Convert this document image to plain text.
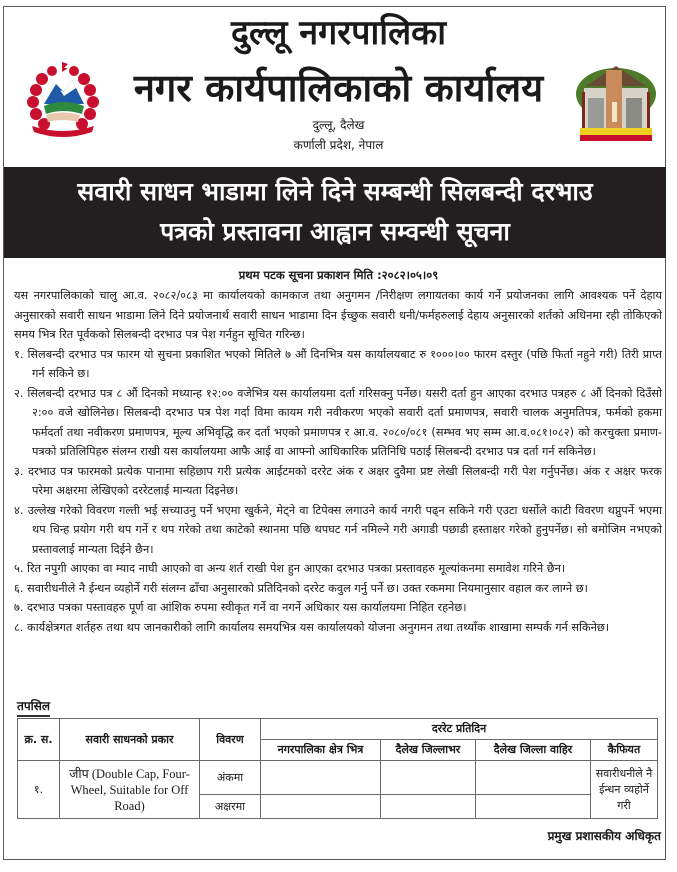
दुल्लू नगरपालिका
नगर कार्यपालिकाको कार्यालय
दुल्लू, दैलेख
कर्णाली प्रदेश, नेपाल
सवारी साधन भाडामा लिने दिने सम्बन्धी सिलबन्दी दरभाउ
पत्रको प्रस्तावना आह्वान सम्वन्धी सूचना
प्रथम पटक सूचना प्रकाशन मिति :२०८२।०५।०९

यस नगरपालिकाको चालु आ.व. २०८२/०८३ मा कार्यालयको कामकाज तथा अनुगमन /निरीक्षण लगायतका कार्य गर्ने प्रयोजनका लागि आवश्यक पर्ने देहाय अनुसारको सवारी साधन भाडामा लिने दिने प्रयोजनार्थ सवारी साधन भाडामा दिन ईच्छुक सवारी धनी/फर्महरुलाई देहाय अनुसारको शर्तको अधिनमा रही तोकिएको समय भित्र रित पूर्वकको सिलबन्दी दरभाउ पत्र पेश गर्नहुन सूचित गरिन्छ।

१. सिलबन्दी दरभाउ पत्र फारम यो सुचना प्रकाशित भएको मितिले ७ औं दिनभित्र यस कार्यालयबाट रु १०००।०० फारम दस्तुर (पछि फिर्ता नहुने गरी) तिरी प्राप्त गर्न सकिने छ।

२. सिलबन्दी दरभाउ पत्र ८ औं दिनको मध्यान्ह १२:०० वजेभित्र यस कार्यालयमा दर्ता गरिसक्नु पर्नेछ। यसरी दर्ता हुन आएका दरभाउ पत्रहरु ८ औं दिनको दिउँसो २:०० वजे खोलिनेछ। सिलबन्दी दरभाउ पत्र पेश गर्दा विमा कायम गरी नवीकरण भएको सवारी दर्ता प्रमाणपत्र, सवारी चालक अनुमतिपत्र, फर्मको हकमा फर्मदर्ता तथा नवीकरण प्रमाणपत्र, मूल्य अभिवृद्धि कर दर्ता भएको प्रमाणपत्र र आ.व. २०८०/०८१ (सम्भव भए सम्म आ.व.०८१।०८२) को करचुक्ता प्रमाण-पत्रको प्रतिलिपिहरु संलग्न राखी यस कार्यालयमा आफै आई वा आफ्नो आधिकारिक प्रतिनिधि पठाई सिलबन्दी दरभाउ पत्र दर्ता गर्न सकिनेछ।

३. दरभाउ पत्र फारमको प्रत्येक पानामा सहिछाप गरी प्रत्येक आईटमको दररेट अंक र अक्षर दुवैमा प्रष्ट लेखी सिलबन्दी गरी पेश गर्नुपर्नेछ। अंक र अक्षर फरक परेमा अक्षरमा लेखिएको दररेटलाई मान्यता दिइनेछ।

४. उल्लेख गरेको विवरण गल्ती भई सच्याउनु पर्ने भएमा खुर्कने, मेट्ने वा टिपेक्स लगाउने कार्य नगरी पढ्न सकिने गरी एउटा धर्सोले काटी विवरण थप्नुपर्ने भएमा थप चिन्ह प्रयोग गरी थप गर्ने र थप गरेको तथा काटेको स्थानमा पछि थपघट गर्न नमिल्ने गरी अगाडी पछाडी हस्ताक्षर गरेको हुनुपर्नेछ। सो बमोजिम नभएको प्रस्तावलाई मान्यता दिईने छैन।

५. रित नपुगी आएका वा म्याद नाघी आएको वा अन्य शर्त राखी पेश हुन आएका दरभाउ पत्रका प्रस्तावहरु मूल्यांकनमा समावेश गरिने छैन।

६. सवारीधनीले नै ईन्धन व्यहोर्ने गरी संलग्न ढाँचा अनुसारको प्रतिदिनको दररेट कवुल गर्नु पर्ने छ। उक्त रकममा नियमानुसार वहाल कर लाग्ने छ।

७. दरभाउ पत्रका पस्तावहरु पूर्ण वा आंशिक रुपमा स्वीकृत गर्ने वा नगर्ने अधिकार यस कार्यालयमा निहित रहनेछ।

८. कार्यक्षेत्रगत शर्तहरु तथा थप जानकारीको लागि कार्यालय समयभित्र यस कार्यालयको योजना अनुगमन तथा तथ्याँक शाखामा सम्पर्क गर्न सकिनेछ।

तपसिल
क्र. स.	सवारी साधनको प्रकार	विवरण	दररेट प्रतिदिन			
			नगरपालिका क्षेत्र भित्र	दैलेख जिल्लाभर	दैलेख जिल्ला वाहिर	कैफियत
१.	जीप (Double Cap, Four-Wheel, Suitable for Off Road)	अंकमा				सवारीधनीले नै ईन्धन व्यहोर्ने गरी
		अक्षरमा				
प्रमुख प्रशासकीय अधिकृत
